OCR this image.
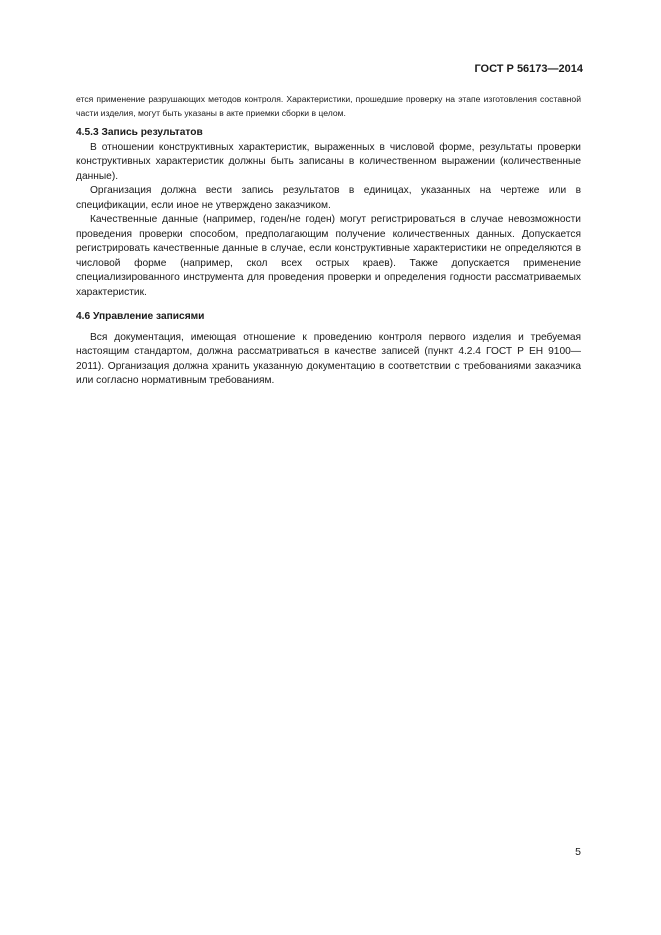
ГОСТ Р 56173—2014

ется применение разрушающих методов контроля. Характеристики, прошедшие проверку на этапе изготовления составной части изделия, могут быть указаны в акте приемки сборки в целом.

4.5.3 Запись результатов

В отношении конструктивных характеристик, выраженных в числовой форме, результаты проверки конструктивных характеристик должны быть записаны в количественном выражении (количественные данные).

Организация должна вести запись результатов в единицах, указанных на чертеже или в спецификации, если иное не утверждено заказчиком.

Качественные данные (например, годен/не годен) могут регистрироваться в случае невозможности проведения проверки способом, предполагающим получение количественных данных. Допускается регистрировать качественные данные в случае, если конструктивные характеристики не определяются в числовой форме (например, скол всех острых краев). Также допускается применение специализированного инструмента для проведения проверки и определения годности рассматриваемых характеристик.

4.6 Управление записями

Вся документация, имеющая отношение к проведению контроля первого изделия и требуемая настоящим стандартом, должна рассматриваться в качестве записей (пункт 4.2.4 ГОСТ Р ЕН 9100—2011). Организация должна хранить указанную документацию в соответствии с требованиями заказчика или согласно нормативным требованиям.

5
